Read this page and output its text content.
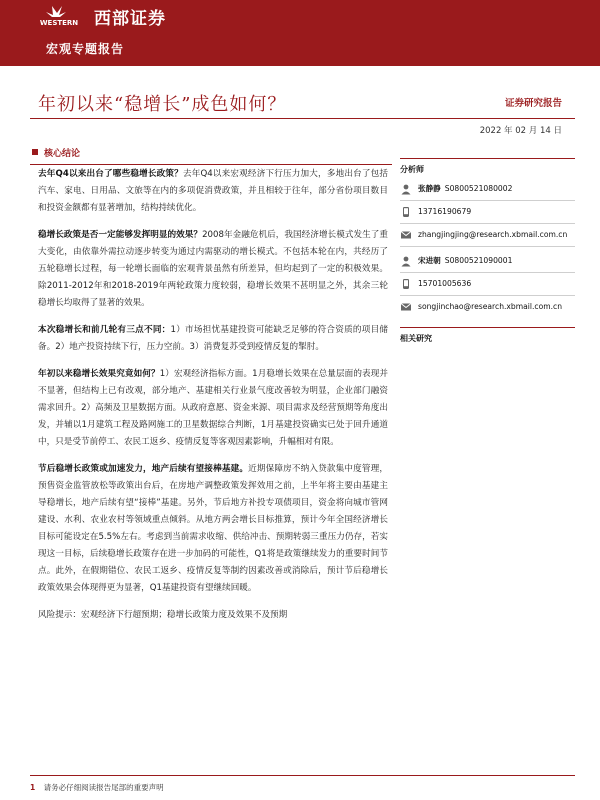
WESTERN 西部证券
宏观专题报告
年初以来“稳增长”成色如何？	证券研究报告
2022 年 02 月 14 日
核心结论

去年Q4以来出台了哪些稳增长政策？去年Q4以来宏观经济下行压力加大，多地出台了包括汽车、家电、日用品、文旅等在内的多项促消费政策，并且相较于往年，部分省份项目数目和投资金额都有显著增加，结构持续优化。

稳增长政策是否一定能够发挥明显的效果？2008年金融危机后，我国经济增长模式发生了重大变化，由依靠外需拉动逐步转变为通过内需驱动的增长模式。不包括本轮在内，共经历了五轮稳增长过程，每一轮增长面临的宏观背景虽然有所差异，但均起到了一定的积极效果。除2011-2012年和2018-2019年两轮政策力度较弱，稳增长效果不甚明显之外，其余三轮稳增长均取得了显著的效果。

本次稳增长和前几轮有三点不同：1）市场担忧基建投资可能缺乏足够的符合资质的项目储备。2）地产投资持续下行，压力空前。3）消费复苏受到疫情反复的掣肘。

年初以来稳增长效果究竟如何？1）宏观经济指标方面。1月稳增长效果在总量层面的表现并不显著，但结构上已有改观，部分地产、基建相关行业景气度改善较为明显，企业部门融资需求回升。2）高频及卫星数据方面。从政府意愿、资金来源、项目需求及经营预期等角度出发，并辅以1月建筑工程及路网施工的卫星数据综合判断，1月基建投资确实已处于回升通道中，只是受节前停工、农民工返乡、疫情反复等客观因素影响，升幅相对有限。

节后稳增长政策或加速发力，地产后续有望接棒基建。近期保障房不纳入贷款集中度管理，预售资金监管放松等政策出台后，在房地产调整政策发挥效用之前，上半年将主要由基建主导稳增长，地产后续有望“接棒”基建。另外，节后地方补投专项债项目，资金将向城市管网建设、水利、农业农村等领域重点倾斜。从地方两会增长目标推算，预计今年全国经济增长目标可能设定在5.5%左右。考虑到当前需求收缩、供给冲击、预期转弱三重压力仍存，若实现这一目标，后续稳增长政策存在进一步加码的可能性，Q1将是政策继续发力的重要时间节点。此外，在假期错位、农民工返乡、疫情反复等制约因素改善或消除后，预计节后稳增长政策效果会体现得更为显著，Q1基建投资有望继续回暖。

风险提示：宏观经济下行超预期；稳增长政策力度及效果不及预期

分析师
张静静 S0800521080002
13716190679
zhangjingjing@research.xbmail.com.cn
宋进朝 S0800521090001
15701005636
songjinchao@research.xbmail.com.cn
相关研究
1 请务必仔细阅读报告尾部的重要声明
